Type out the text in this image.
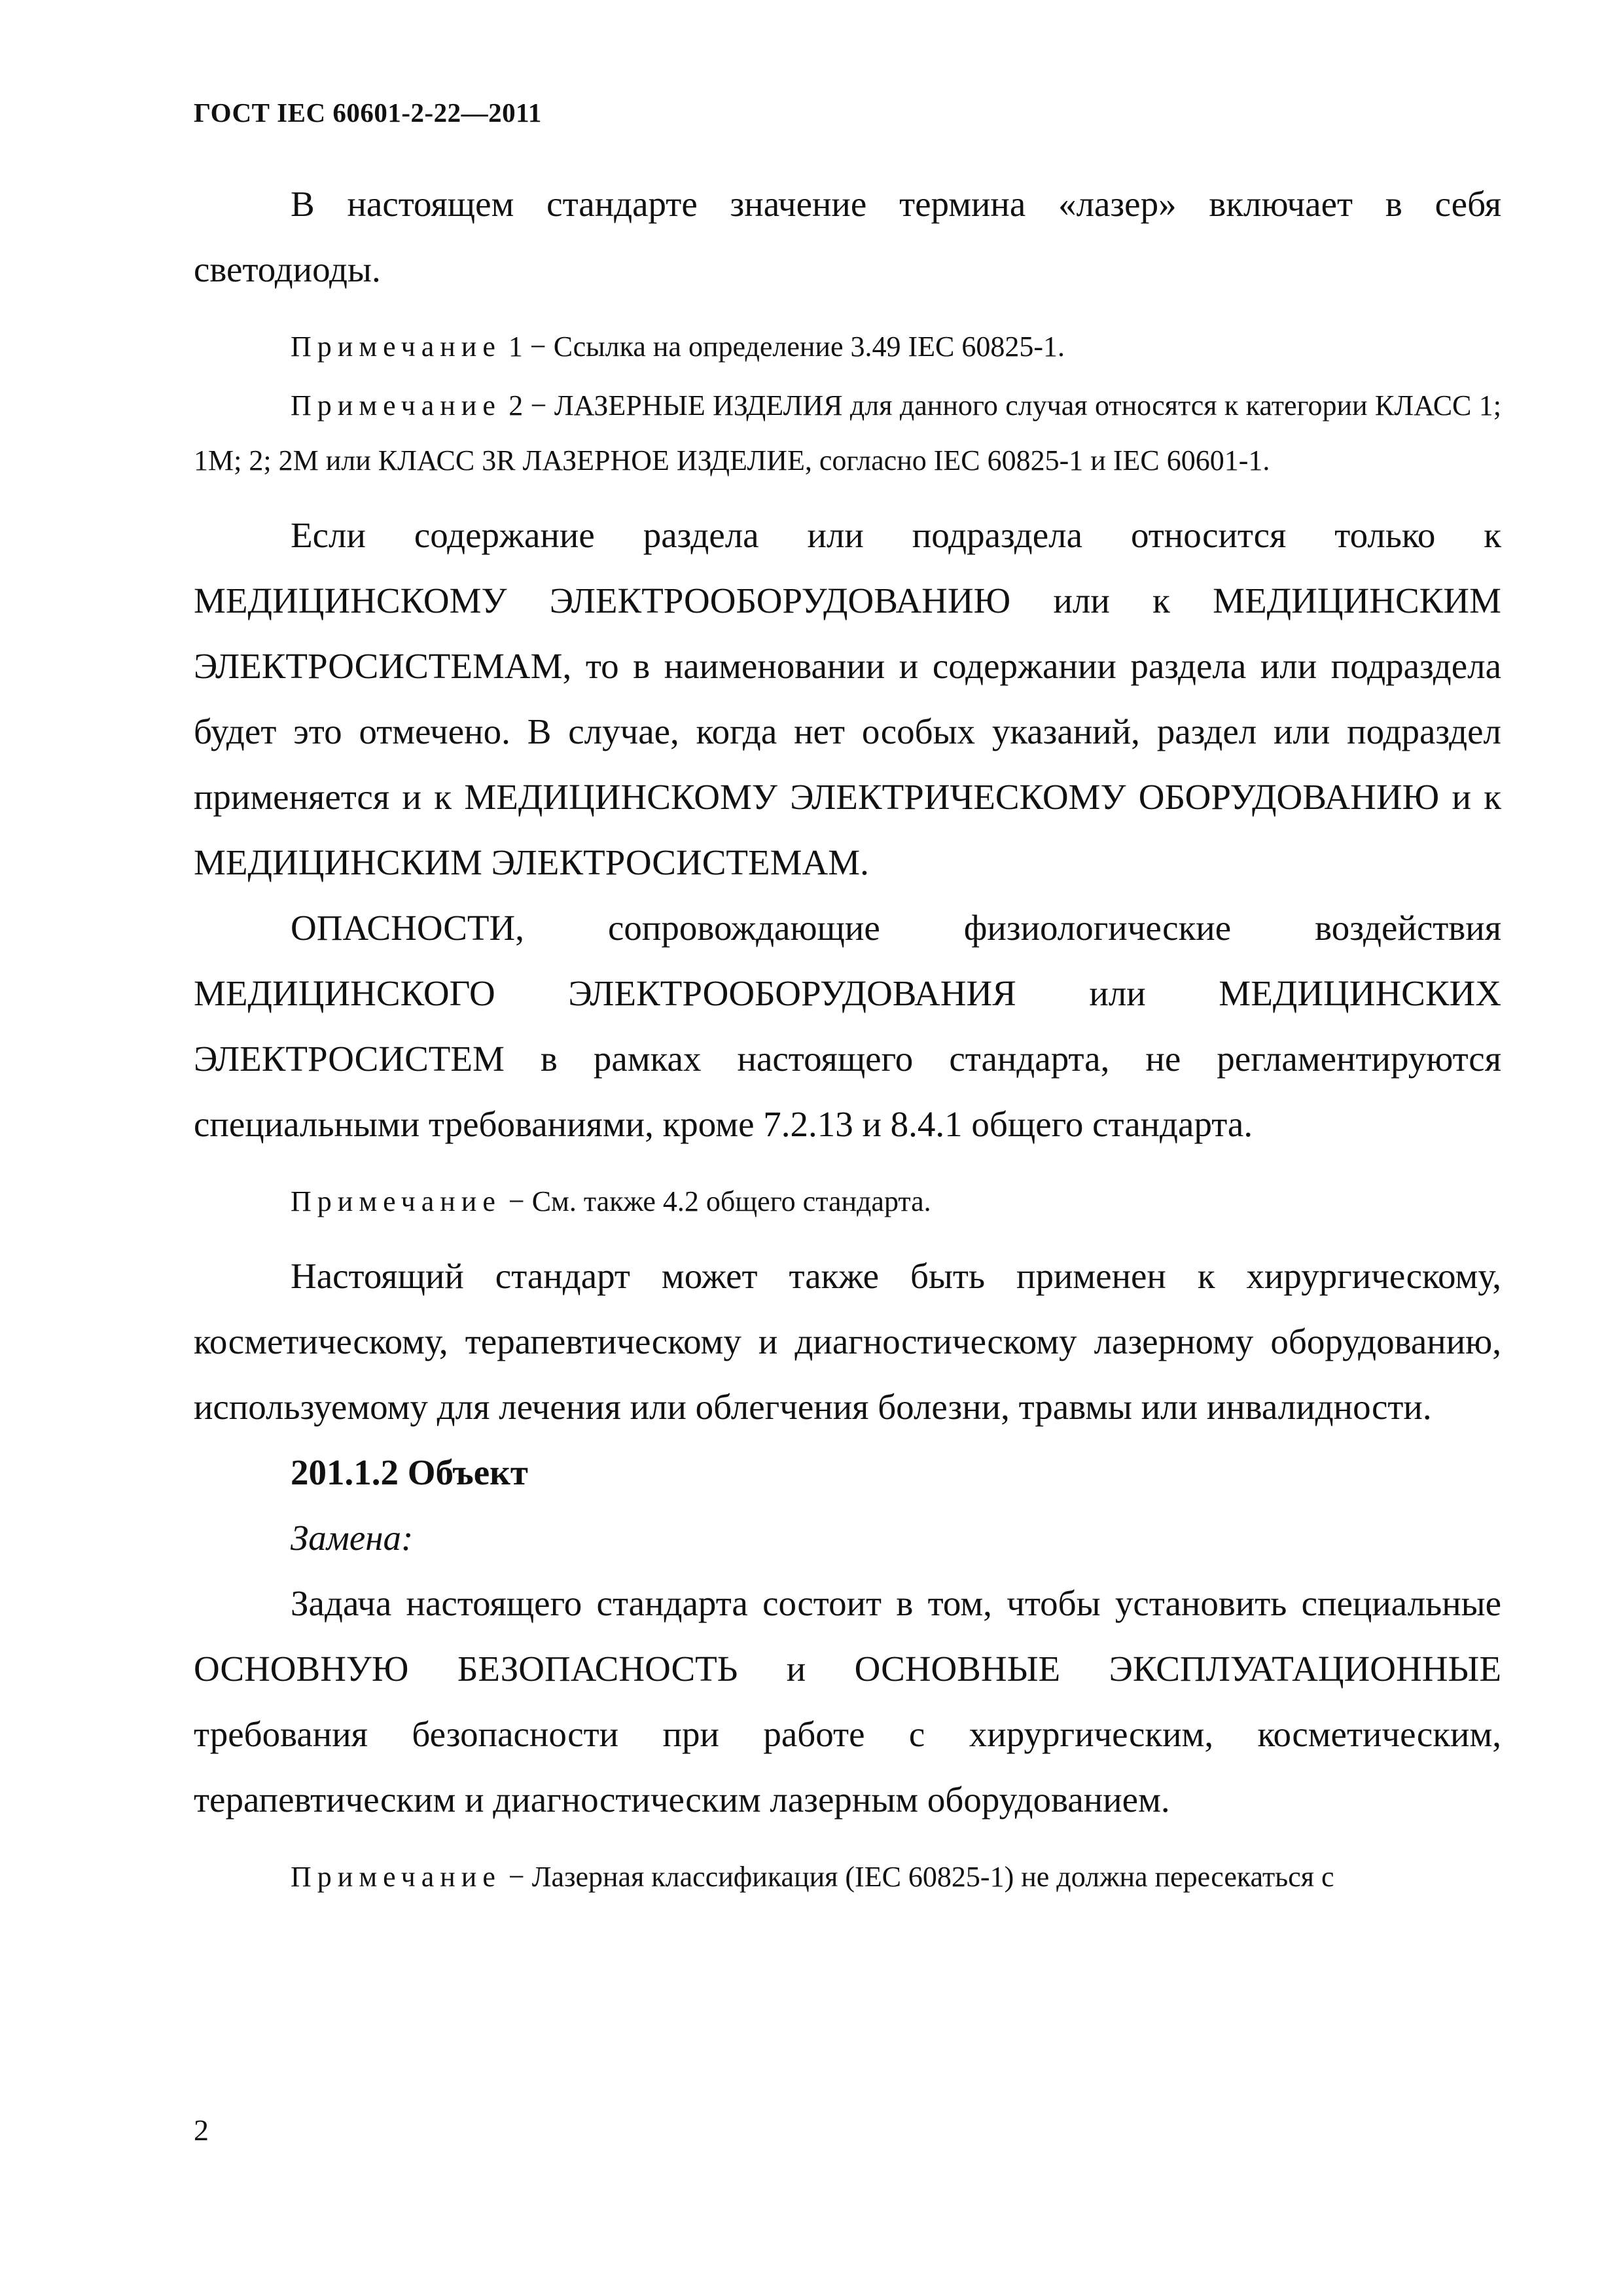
ГОСТ IEC 60601-2-22—2011

В настоящем стандарте значение термина «лазер» включает в себя светодиоды.

Примечание 1 − Ссылка на определение 3.49 IEC 60825-1.

Примечание 2 − ЛАЗЕРНЫЕ ИЗДЕЛИЯ для данного случая относятся к категории КЛАСС 1; 1М; 2; 2М или КЛАСС 3R ЛАЗЕРНОЕ ИЗДЕЛИЕ, согласно IEC 60825-1 и IEC 60601-1.

Если содержание раздела или подраздела относится только к МЕДИЦИНСКОМУ ЭЛЕКТРООБОРУДОВАНИЮ или к МЕДИЦИНСКИМ ЭЛЕКТРОСИСТЕМАМ, то в наименовании и содержании раздела или подраздела будет это отмечено. В случае, когда нет особых указаний, раздел или подраздел применяется и к МЕДИЦИНСКОМУ ЭЛЕКТРИЧЕСКОМУ ОБОРУДОВАНИЮ и к МЕДИЦИНСКИМ ЭЛЕКТРОСИСТЕМАМ.

ОПАСНОСТИ, сопровождающие физиологические воздействия МЕДИЦИНСКОГО ЭЛЕКТРООБОРУДОВАНИЯ или МЕДИЦИНСКИХ ЭЛЕКТРОСИСТЕМ в рамках настоящего стандарта, не регламентируются специальными требованиями, кроме 7.2.13 и 8.4.1 общего стандарта.

Примечание − См. также 4.2 общего стандарта.

Настоящий стандарт может также быть применен к хирургическому, косметическому, терапевтическому и диагностическому лазерному оборудованию, используемому для лечения или облегчения болезни, травмы или инвалидности.

201.1.2 Объект

Замена:

Задача настоящего стандарта состоит в том, чтобы установить специальные ОСНОВНУЮ БЕЗОПАСНОСТЬ и ОСНОВНЫЕ ЭКСПЛУАТАЦИОННЫЕ требования безопасности при работе с хирургическим, косметическим, терапевтическим и диагностическим лазерным оборудованием.

Примечание − Лазерная классификация (IEC 60825-1) не должна пересекаться с

2
